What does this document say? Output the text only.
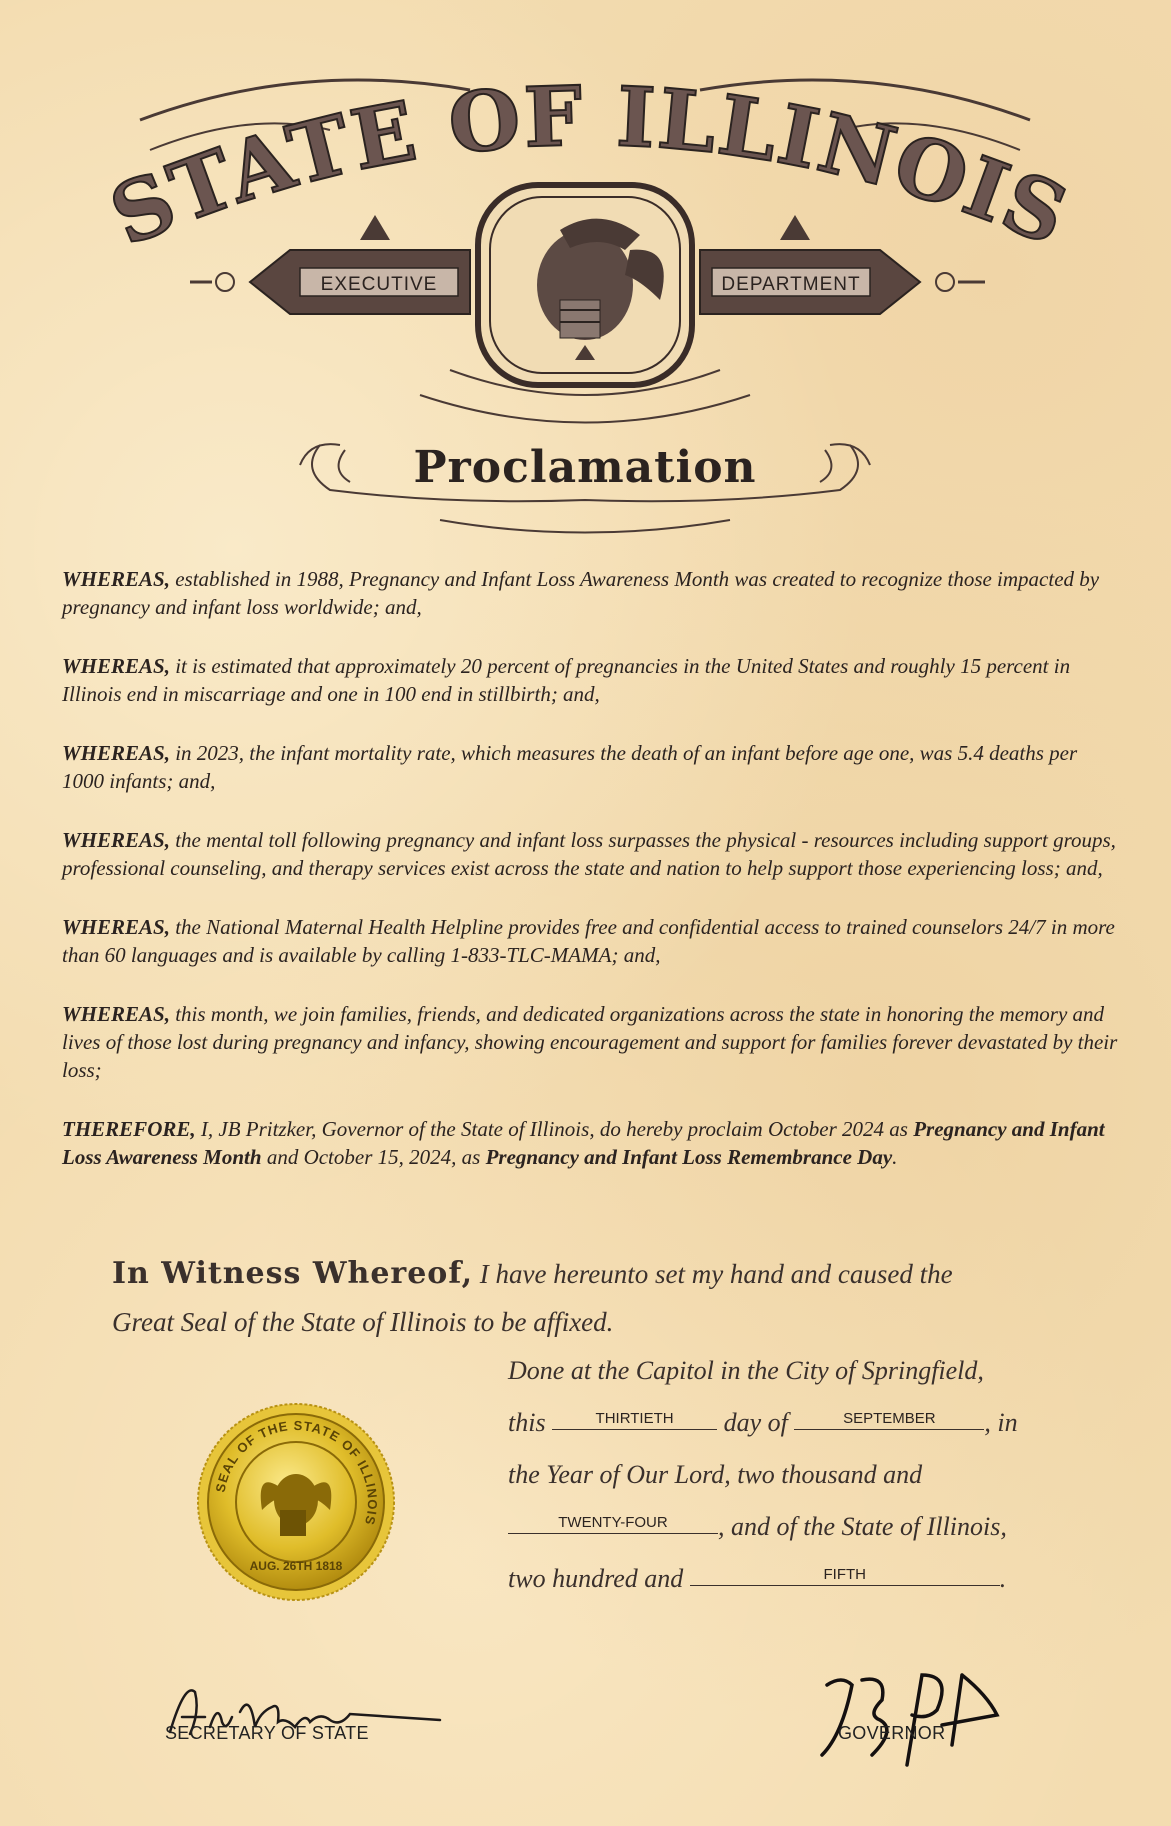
STATE OF ILLINOIS
EXECUTIVE	DEPARTMENT
Proclamation

WHEREAS, established in 1988, Pregnancy and Infant Loss Awareness Month was created to recognize those impacted by pregnancy and infant loss worldwide; and,

WHEREAS, it is estimated that approximately 20 percent of pregnancies in the United States and roughly 15 percent in Illinois end in miscarriage and one in 100 end in stillbirth; and,

WHEREAS, in 2023, the infant mortality rate, which measures the death of an infant before age one, was 5.4 deaths per 1000 infants; and,

WHEREAS, the mental toll following pregnancy and infant loss surpasses the physical - resources including support groups, professional counseling, and therapy services exist across the state and nation to help support those experiencing loss; and,

WHEREAS, the National Maternal Health Helpline provides free and confidential access to trained counselors 24/7 in more than 60 languages and is available by calling 1-833-TLC-MAMA; and,

WHEREAS, this month, we join families, friends, and dedicated organizations across the state in honoring the memory and lives of those lost during pregnancy and infancy, showing encouragement and support for families forever devastated by their loss;

THEREFORE, I, JB Pritzker, Governor of the State of Illinois, do hereby proclaim October 2024 as Pregnancy and Infant Loss Awareness Month and October 15, 2024, as Pregnancy and Infant Loss Remembrance Day.

In Witness Whereof, I have hereunto set my hand and caused the
Great Seal of the State of Illinois to be affixed.
Done at the Capitol in the City of Springfield,
this	THIRTIETH day of	SEPTEMBER , in
the Year of Our Lord, two thousand and
TWENTY-FOUR , and of the State of Illinois,
two hundred and	FIFTH	.
SEAL OF THE STATE OF ILLINOIS
AUG. 26TH 1818
SECRETARY OF STATE	GOVERNOR
